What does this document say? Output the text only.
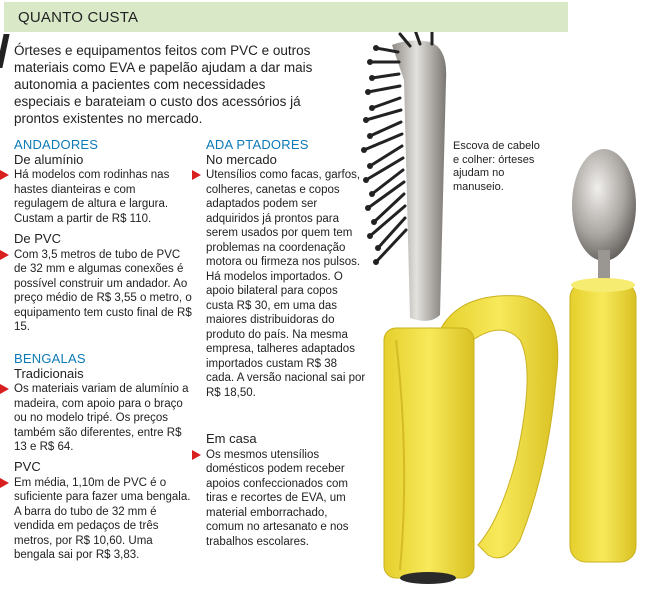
QUANTO CUSTA
Órteses e equipamentos feitos com PVC e outros materiais como EVA e papelão ajudam a dar mais autonomia a pacientes com necessidades especiais e barateiam o custo dos acessórios já prontos existentes no mercado.
ANDADORES
De alumínio
Há modelos com rodinhas nas hastes dianteiras e com regulagem de altura e largura. Custam a partir de R$ 110.
De PVC
Com 3,5 metros de tubo de PVC de 32 mm e algumas conexões é possível construir um andador. Ao preço médio de R$ 3,55 o metro, o equipamento tem custo final de R$ 15.
BENGALAS
Tradicionais
Os materiais variam de alumínio a madeira, com apoio para o braço ou no modelo tripé. Os preços também são diferentes, entre R$ 13 e R$ 64.
PVC
Em média, 1,10m de PVC é o suficiente para fazer uma bengala. A barra do tubo de 32 mm é vendida em pedaços de três metros, por R$ 10,60. Uma bengala sai por R$ 3,83.
ADA PTADORES
No mercado
Utensílios como facas, garfos, colheres, canetas e copos adaptados podem ser adquiridos já prontos para serem usados por quem tem problemas na coordenação motora ou firmeza nos pulsos. Há modelos importados. O apoio bilateral para copos custa R$ 30, em uma das maiores distribuidoras do produto do país. Na mesma empresa, talheres adaptados importados custam R$ 38 cada. A versão nacional sai por R$ 18,50.
Em casa
Os mesmos utensílios domésticos podem receber apoios confeccionados com tiras e recortes de EVA, um material emborrachado, comum no artesanato e nos trabalhos escolares.
Escova de cabelo e colher: órteses ajudam no manuseio.
